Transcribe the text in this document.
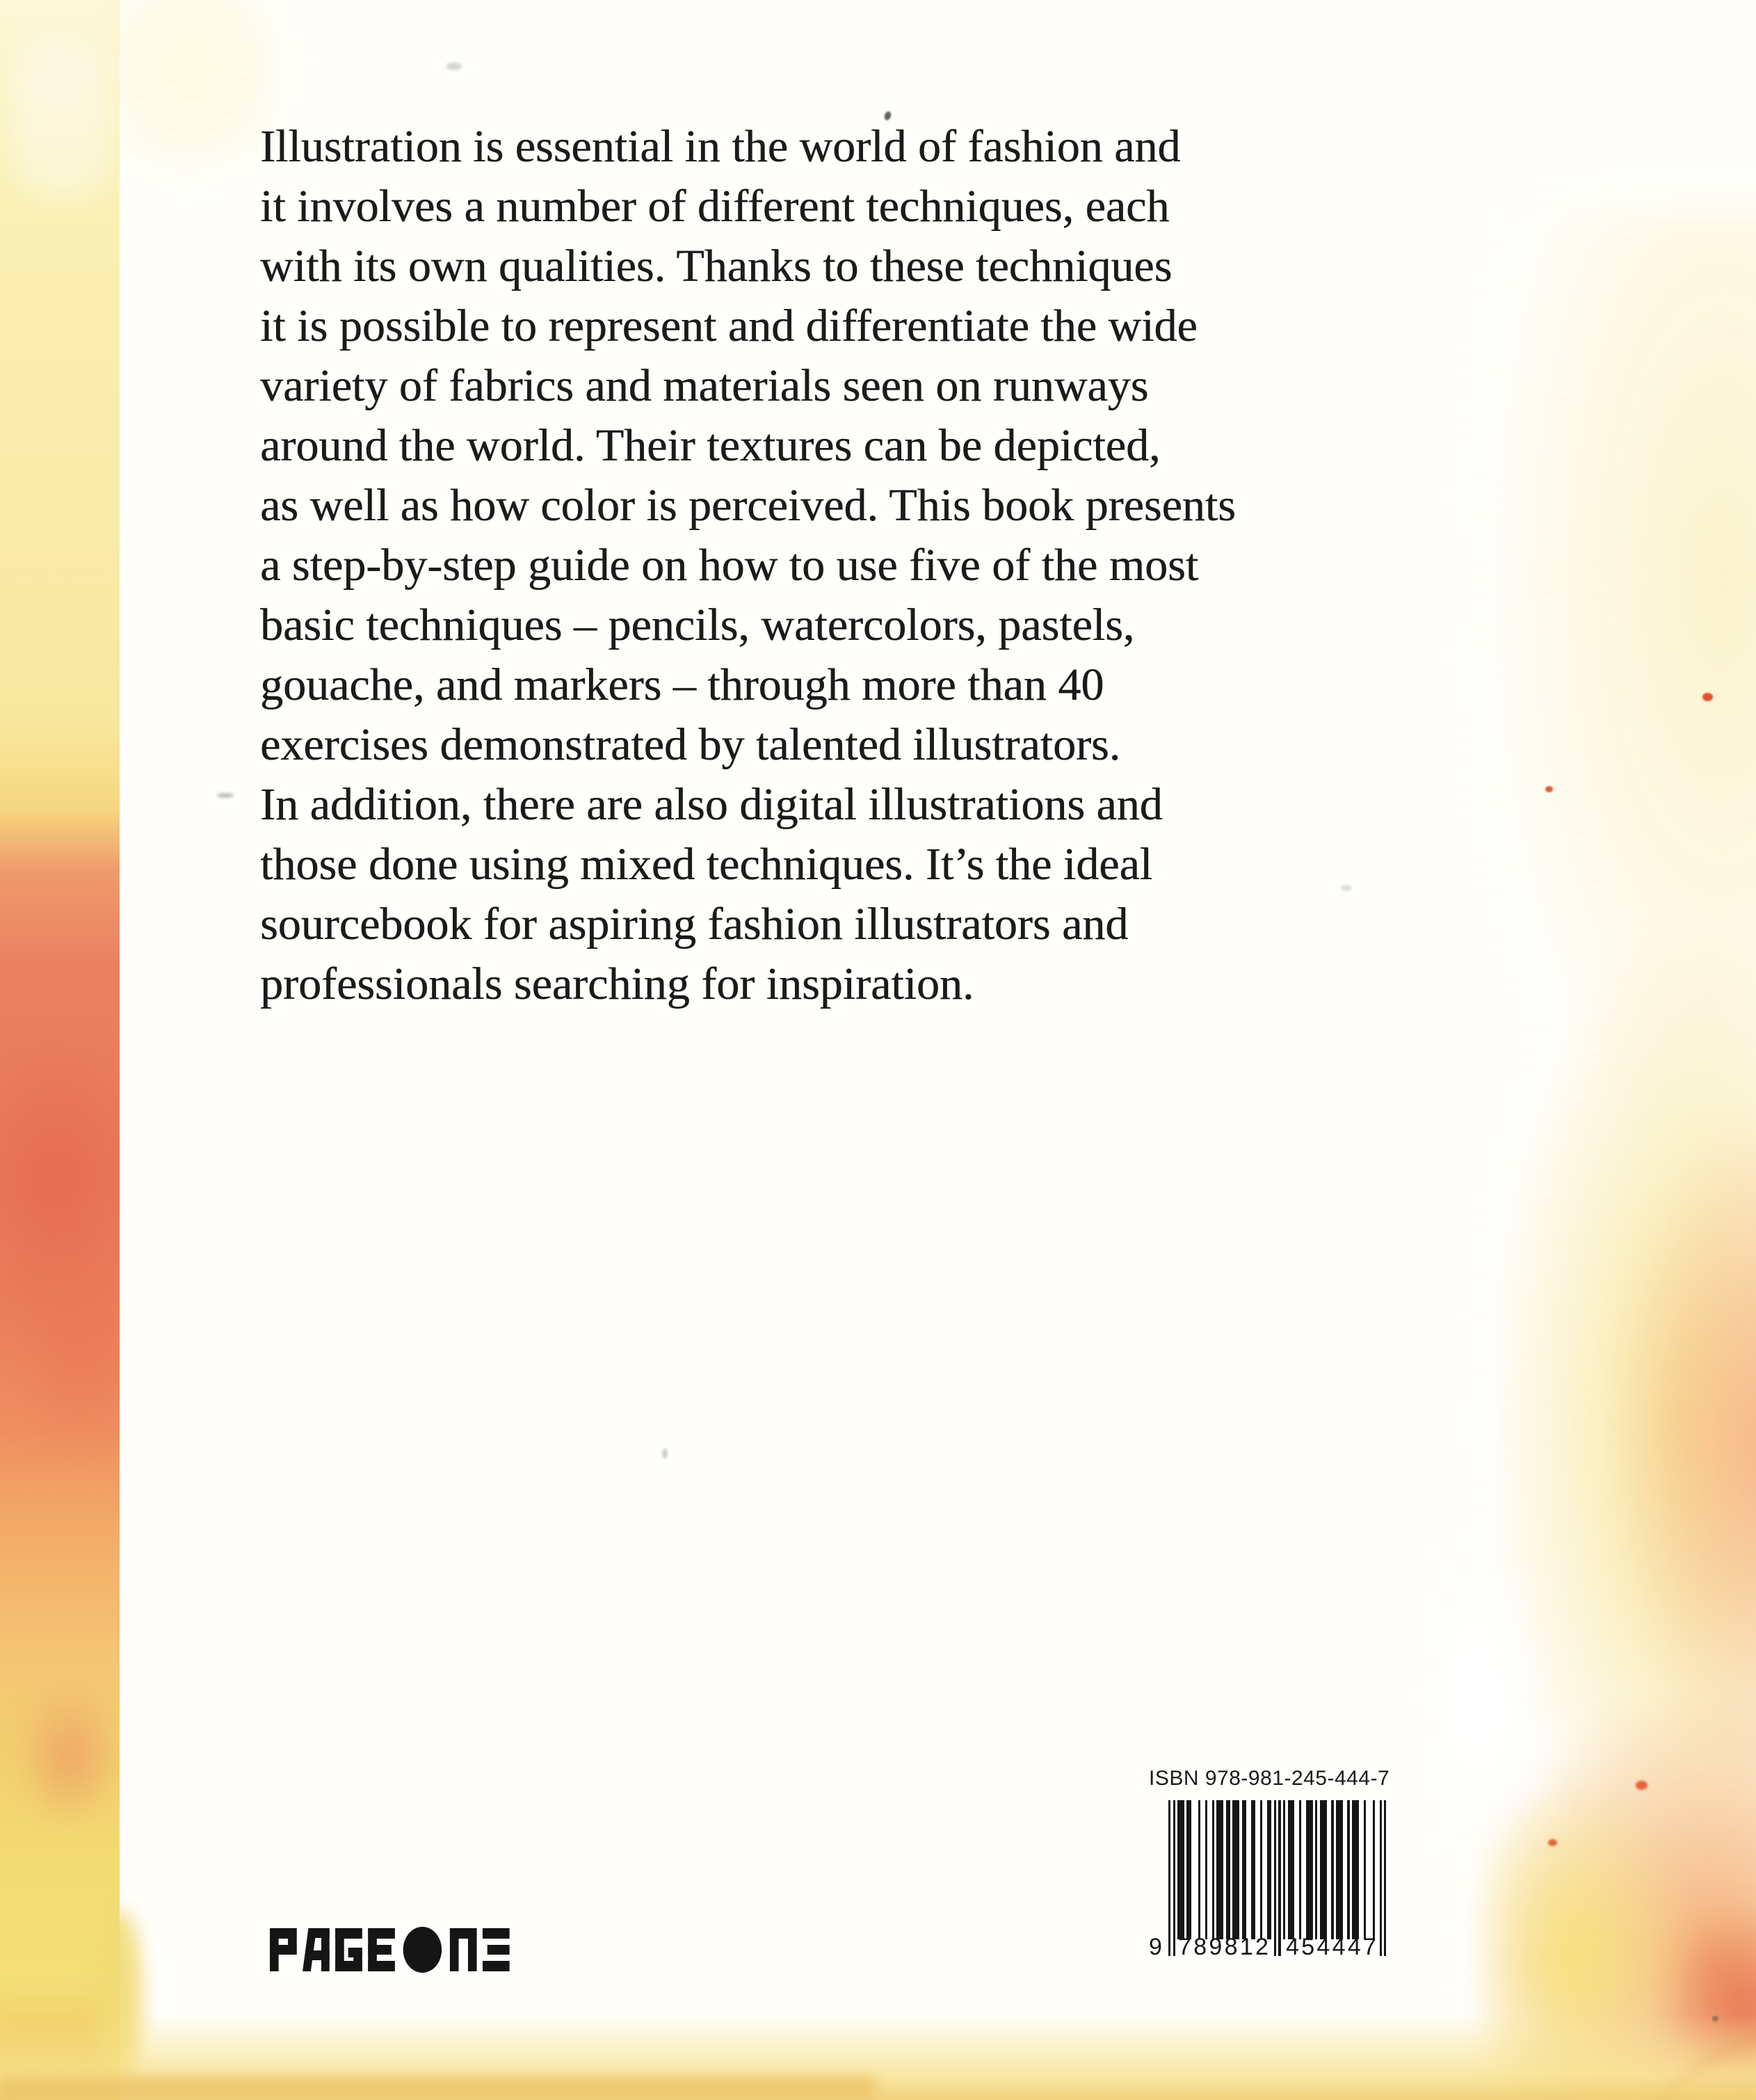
Illustration is essential in the world of fashion and
it involves a number of different techniques, each
with its own qualities. Thanks to these techniques
it is possible to represent and differentiate the wide
variety of fabrics and materials seen on runways
around the world. Their textures can be depicted,
as well as how color is perceived. This book presents
a step-by-step guide on how to use five of the most
basic techniques – pencils, watercolors, pastels,
gouache, and markers – through more than 40
exercises demonstrated by talented illustrators.
In addition, there are also digital illustrations and
those done using mixed techniques. It’s the ideal
sourcebook for aspiring fashion illustrators and
professionals searching for inspiration.
ISBN 978-981-245-444-7
9 7 8 9 8 1 2 4 5 4 4 4 7
